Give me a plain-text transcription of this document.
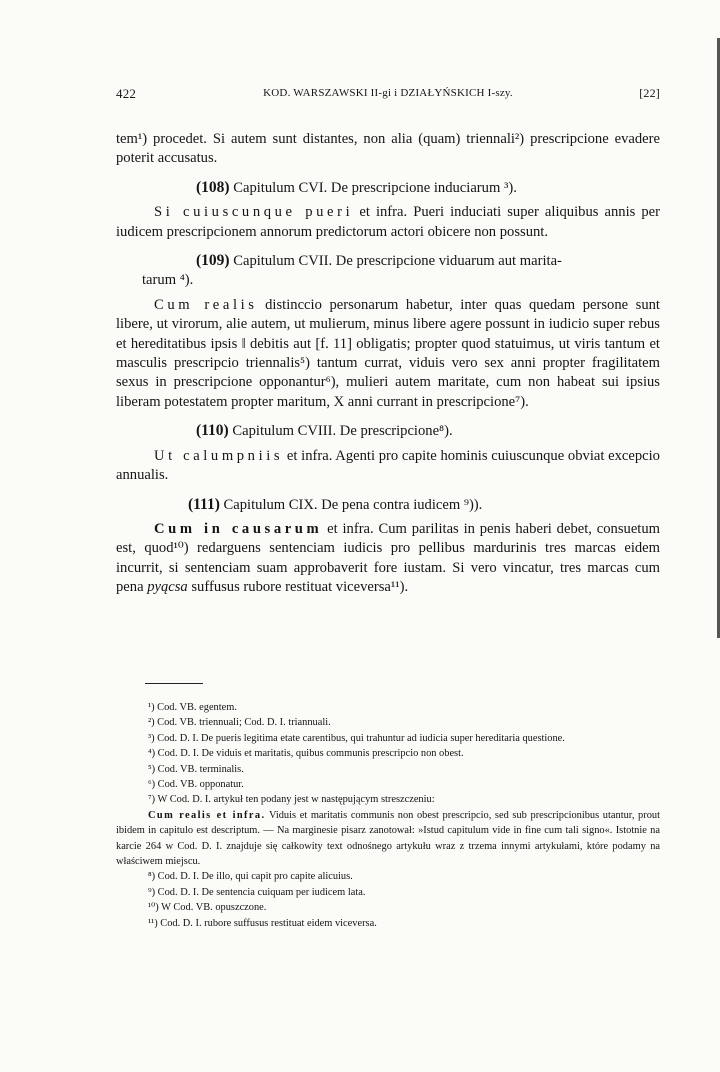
422	KOD. WARSZAWSKI II-gi i DZIAŁYŃSKICH I-szy.	[22]

tem¹) procedet. Si autem sunt distantes, non alia (quam) triennali²) prescripcione evadere poterit accusatus.

(108) Capitulum CVI. De prescripcione induciarum ³).

Si cuiuscunque pueri et infra. Pueri induciati super aliquibus annis per iudicem prescripcionem annorum predictorum actori obicere non possunt.

(109) Capitulum CVII. De prescripcione viduarum aut marita-
tarum ⁴).

Cum realis distinccio personarum habetur, inter quas quedam persone sunt libere, ut virorum, alie autem, ut mulierum, minus libere agere possunt in iudicio super rebus et hereditatibus ipsis ‖ debitis aut [f. 11] obligatis; propter quod statuimus, ut viris tantum et masculis prescripcio triennalis⁵) tantum currat, viduis vero sex anni propter fragilitatem sexus in prescripcione opponantur⁶), mulieri autem maritate, cum non habeat sui ipsius liberam potestatem propter maritum, X anni currant in prescripcione⁷).

(110) Capitulum CVIII. De prescripcione⁸).

Ut calumpniis et infra. Agenti pro capite hominis cuiuscunque obviat excepcio annualis.

(111) Capitulum CIX. De pena contra iudicem ⁹)).

Cum in causarum et infra. Cum parilitas in penis haberi debet, consuetum est, quod¹⁰) redarguens sentenciam iudicis pro pellibus mardurinis tres marcas eidem incurrit, si sentenciam suam approbaverit fore iustam. Si vero vincatur, tres marcas cum pena pyącsa suffusus rubore restituat viceversa¹¹).

¹) Cod. VB. egentem.
²) Cod. VB. triennuali; Cod. D. I. triannuali.
³) Cod. D. I. De pueris legitima etate carentibus, qui trahuntur ad iudicia super hereditaria questione.
⁴) Cod. D. I. De viduis et maritatis, quibus communis prescripcio non obest.
⁵) Cod. VB. terminalis.
⁶) Cod. VB. opponatur.
⁷) W Cod. D. I. artykuł ten podany jest w następującym streszczeniu:
Cum realis et infra. Viduis et maritatis communis non obest prescripcio, sed sub prescripcionibus utantur, prout ibidem in capitulo est descriptum. — Na marginesie pisarz zanotował: »Istud capitulum vide in fine cum tali signo«. Istotnie na karcie 264 w Cod. D. I. znajduje się całkowity text odnośnego artykułu wraz z trzema innymi artykułami, które podamy na właściwem miejscu.
⁸) Cod. D. I. De illo, qui capit pro capite alicuius.
⁹) Cod. D. I. De sentencia cuiquam per iudicem lata.
¹⁰) W Cod. VB. opuszczone.
¹¹) Cod. D. I. rubore suffusus restituat eidem viceversa.
